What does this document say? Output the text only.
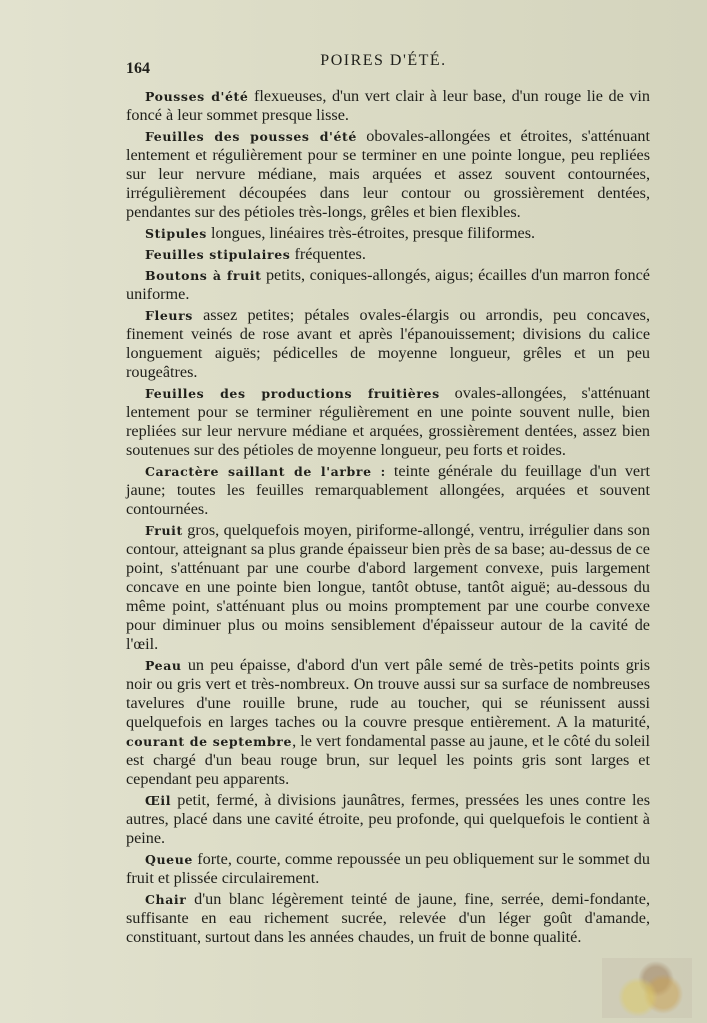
164	POIRES D'ÉTÉ.

Pousses d'été flexueuses, d'un vert clair à leur base, d'un rouge lie de vin foncé à leur sommet presque lisse.

Feuilles des pousses d'été obovales-allongées et étroites, s'atténuant lentement et régulièrement pour se terminer en une pointe longue, peu repliées sur leur nervure médiane, mais arquées et assez souvent contournées, irrégulièrement découpées dans leur contour ou grossièrement dentées, pendantes sur des pétioles très-longs, grêles et bien flexibles.

Stipules longues, linéaires très-étroites, presque filiformes.

Feuilles stipulaires fréquentes.

Boutons à fruit petits, coniques-allongés, aigus; écailles d'un marron foncé uniforme.

Fleurs assez petites; pétales ovales-élargis ou arrondis, peu concaves, finement veinés de rose avant et après l'épanouissement; divisions du calice longuement aiguës; pédicelles de moyenne longueur, grêles et un peu rougeâtres.

Feuilles des productions fruitières ovales-allongées, s'atténuant lentement pour se terminer régulièrement en une pointe souvent nulle, bien repliées sur leur nervure médiane et arquées, grossièrement dentées, assez bien soutenues sur des pétioles de moyenne longueur, peu forts et roides.

Caractère saillant de l'arbre : teinte générale du feuillage d'un vert jaune; toutes les feuilles remarquablement allongées, arquées et souvent contournées.

Fruit gros, quelquefois moyen, piriforme-allongé, ventru, irrégulier dans son contour, atteignant sa plus grande épaisseur bien près de sa base; au-dessus de ce point, s'atténuant par une courbe d'abord largement convexe, puis largement concave en une pointe bien longue, tantôt obtuse, tantôt aiguë; au-dessous du même point, s'atténuant plus ou moins promptement par une courbe convexe pour diminuer plus ou moins sensiblement d'épaisseur autour de la cavité de l'œil.

Peau un peu épaisse, d'abord d'un vert pâle semé de très-petits points gris noir ou gris vert et très-nombreux. On trouve aussi sur sa surface de nombreuses tavelures d'une rouille brune, rude au toucher, qui se réunissent aussi quelquefois en larges taches ou la couvre presque entièrement. A la maturité, courant de septembre, le vert fondamental passe au jaune, et le côté du soleil est chargé d'un beau rouge brun, sur lequel les points gris sont larges et cependant peu apparents.

Œil petit, fermé, à divisions jaunâtres, fermes, pressées les unes contre les autres, placé dans une cavité étroite, peu profonde, qui quelquefois le contient à peine.

Queue forte, courte, comme repoussée un peu obliquement sur le sommet du fruit et plissée circulairement.

Chair d'un blanc légèrement teinté de jaune, fine, serrée, demi-fondante, suffisante en eau richement sucrée, relevée d'un léger goût d'amande, constituant, surtout dans les années chaudes, un fruit de bonne qualité.
